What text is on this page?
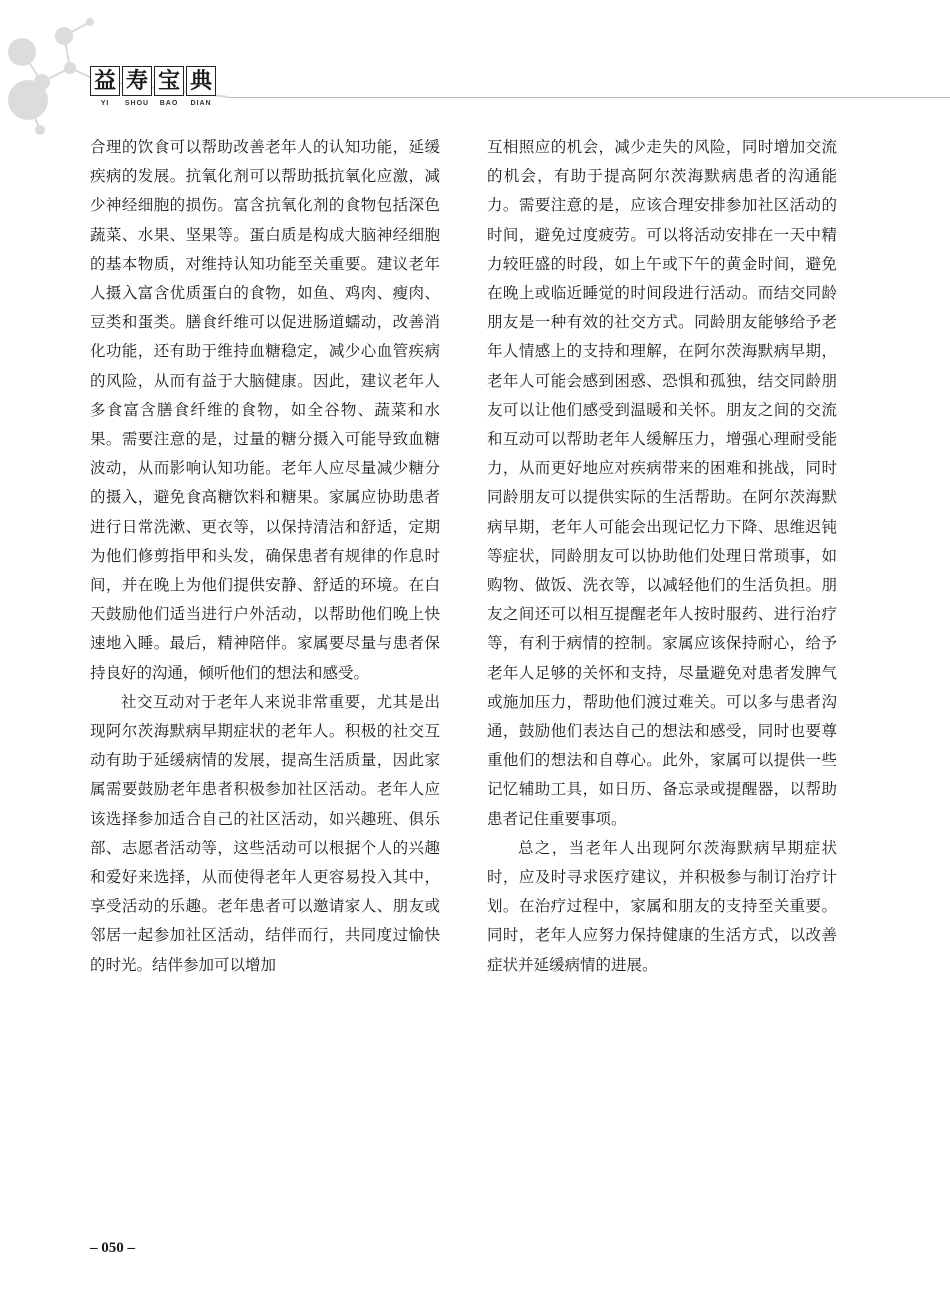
益 寿 宝 典
YI	SHOU	BAO	DIAN

合理的饮食可以帮助改善老年人的认知功能，延缓疾病的发展。抗氧化剂可以帮助抵抗氧化应激，减少神经细胞的损伤。富含抗氧化剂的食物包括深色蔬菜、水果、坚果等。蛋白质是构成大脑神经细胞的基本物质，对维持认知功能至关重要。建议老年人摄入富含优质蛋白的食物，如鱼、鸡肉、瘦肉、豆类和蛋类。膳食纤维可以促进肠道蠕动，改善消化功能，还有助于维持血糖稳定，减少心血管疾病的风险，从而有益于大脑健康。因此，建议老年人多食富含膳食纤维的食物，如全谷物、蔬菜和水果。需要注意的是，过量的糖分摄入可能导致血糖波动，从而影响认知功能。老年人应尽量减少糖分的摄入，避免食高糖饮料和糖果。家属应协助患者进行日常洗漱、更衣等，以保持清洁和舒适，定期为他们修剪指甲和头发，确保患者有规律的作息时间，并在晚上为他们提供安静、舒适的环境。在白天鼓励他们适当进行户外活动，以帮助他们晚上快速地入睡。最后，精神陪伴。家属要尽量与患者保持良好的沟通，倾听他们的想法和感受。

社交互动对于老年人来说非常重要，尤其是出现阿尔茨海默病早期症状的老年人。积极的社交互动有助于延缓病情的发展，提高生活质量，因此家属需要鼓励老年患者积极参加社区活动。老年人应该选择参加适合自己的社区活动，如兴趣班、俱乐部、志愿者活动等，这些活动可以根据个人的兴趣和爱好来选择，从而使得老年人更容易投入其中，享受活动的乐趣。老年患者可以邀请家人、朋友或邻居一起参加社区活动，结伴而行，共同度过愉快的时光。结伴参加可以增加

互相照应的机会，减少走失的风险，同时增加交流的机会，有助于提高阿尔茨海默病患者的沟通能力。需要注意的是，应该合理安排参加社区活动的时间，避免过度疲劳。可以将活动安排在一天中精力较旺盛的时段，如上午或下午的黄金时间，避免在晚上或临近睡觉的时间段进行活动。而结交同龄朋友是一种有效的社交方式。同龄朋友能够给予老年人情感上的支持和理解，在阿尔茨海默病早期，老年人可能会感到困惑、恐惧和孤独，结交同龄朋友可以让他们感受到温暖和关怀。朋友之间的交流和互动可以帮助老年人缓解压力，增强心理耐受能力，从而更好地应对疾病带来的困难和挑战，同时同龄朋友可以提供实际的生活帮助。在阿尔茨海默病早期，老年人可能会出现记忆力下降、思维迟钝等症状，同龄朋友可以协助他们处理日常琐事，如购物、做饭、洗衣等，以减轻他们的生活负担。朋友之间还可以相互提醒老年人按时服药、进行治疗等，有利于病情的控制。家属应该保持耐心，给予老年人足够的关怀和支持，尽量避免对患者发脾气或施加压力，帮助他们渡过难关。可以多与患者沟通，鼓励他们表达自己的想法和感受，同时也要尊重他们的想法和自尊心。此外，家属可以提供一些记忆辅助工具，如日历、备忘录或提醒器，以帮助患者记住重要事项。

总之，当老年人出现阿尔茨海默病早期症状时，应及时寻求医疗建议，并积极参与制订治疗计划。在治疗过程中，家属和朋友的支持至关重要。同时，老年人应努力保持健康的生活方式，以改善症状并延缓病情的进展。

– 050 –
